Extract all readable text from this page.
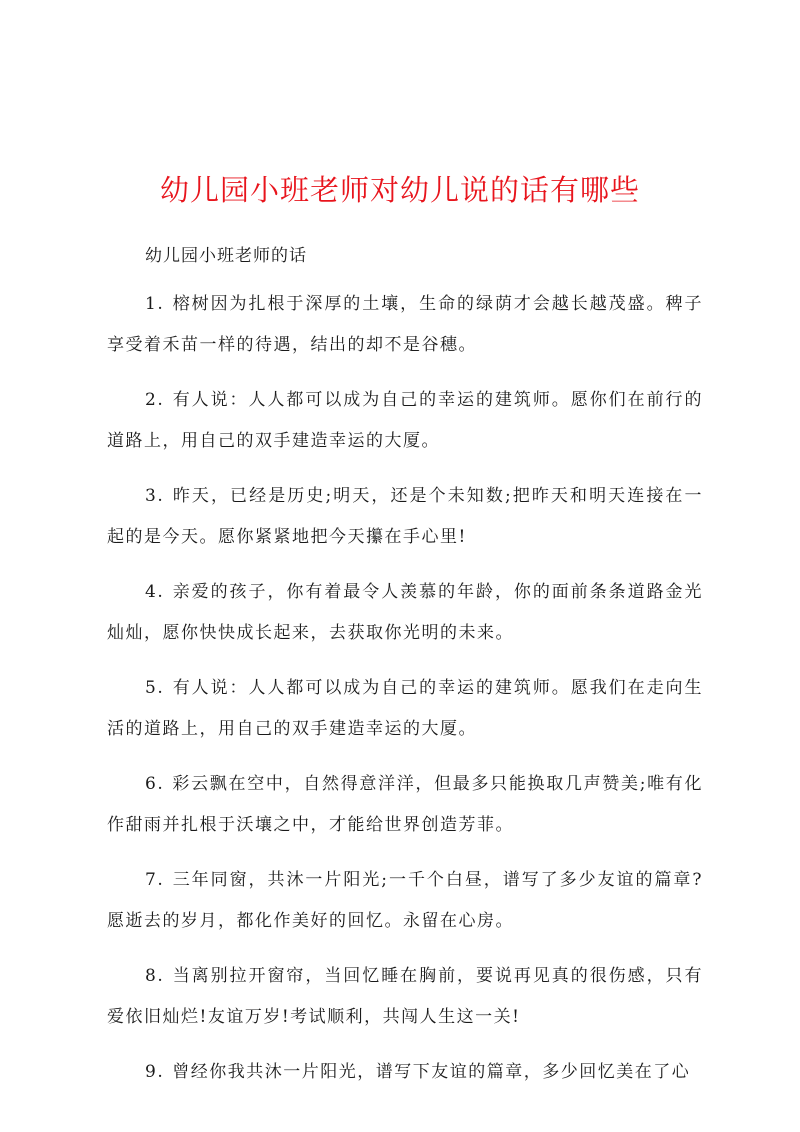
幼儿园小班老师对幼儿说的话有哪些

幼儿园小班老师的话

1. 榕树因为扎根于深厚的土壤，生命的绿荫才会越长越茂盛。稗子享受着禾苗一样的待遇，结出的却不是谷穗。

2. 有人说：人人都可以成为自己的幸运的建筑师。愿你们在前行的道路上，用自己的双手建造幸运的大厦。

3. 昨天，已经是历史;明天，还是个未知数;把昨天和明天连接在一起的是今天。愿你紧紧地把今天攥在手心里!

4. 亲爱的孩子，你有着最令人羡慕的年龄，你的面前条条道路金光灿灿，愿你快快成长起来，去获取你光明的未来。

5. 有人说：人人都可以成为自己的幸运的建筑师。愿我们在走向生活的道路上，用自己的双手建造幸运的大厦。

6. 彩云飘在空中，自然得意洋洋，但最多只能换取几声赞美;唯有化作甜雨并扎根于沃壤之中，才能给世界创造芳菲。

7. 三年同窗，共沐一片阳光;一千个白昼，谱写了多少友谊的篇章?愿逝去的岁月，都化作美好的回忆。永留在心房。

8. 当离别拉开窗帘，当回忆睡在胸前，要说再见真的很伤感，只有爱依旧灿烂!友谊万岁!考试顺利，共闯人生这一关!

9. 曾经你我共沐一片阳光，谱写下友谊的篇章，多少回忆美在了心
